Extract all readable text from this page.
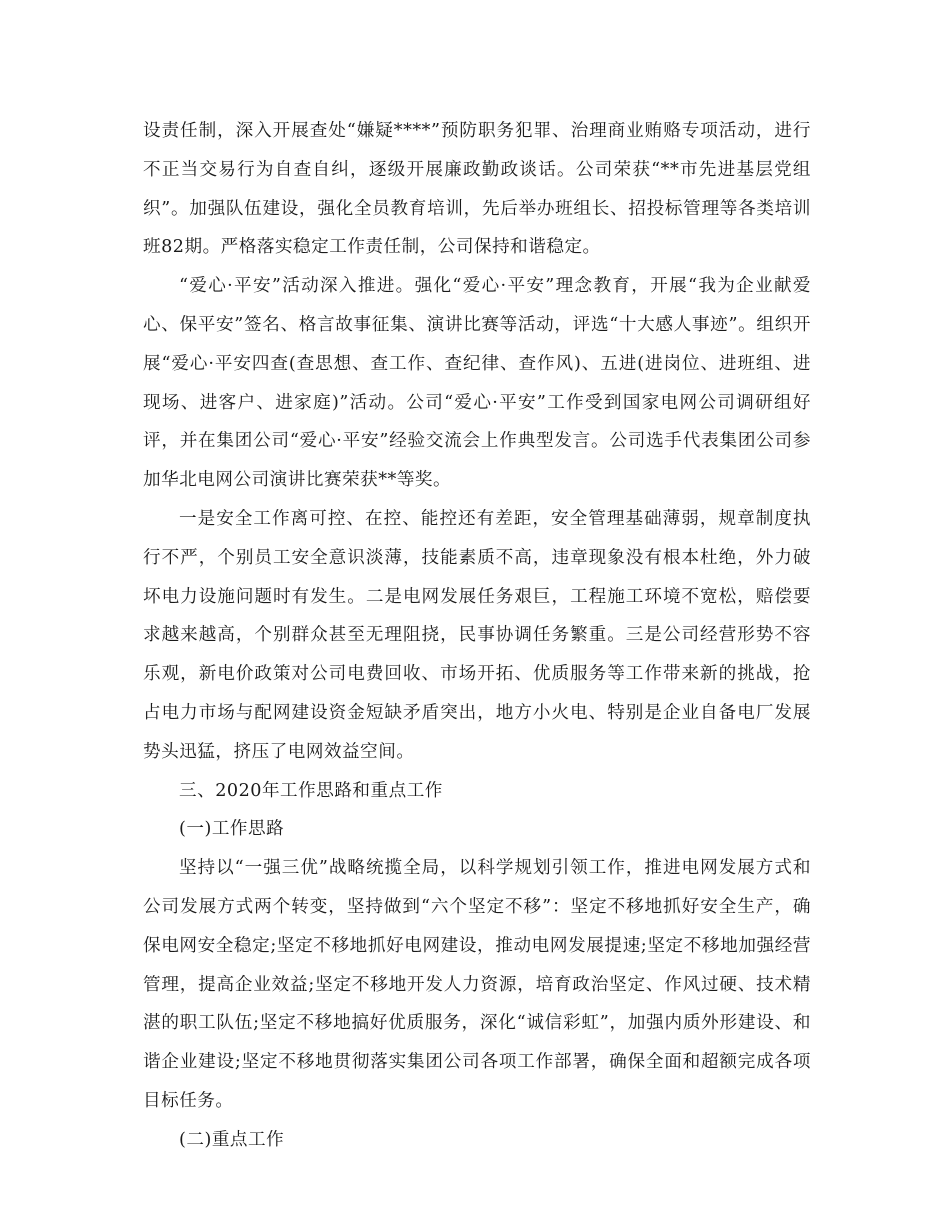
设责任制，深入开展查处“嫌疑****”预防职务犯罪、治理商业贿赂专项活动，进行不正当交易行为自查自纠，逐级开展廉政勤政谈话。公司荣获“**市先进基层党组织”。加强队伍建设，强化全员教育培训，先后举办班组长、招投标管理等各类培训班82期。严格落实稳定工作责任制，公司保持和谐稳定。

“爱心·平安”活动深入推进。强化“爱心·平安”理念教育，开展“我为企业献爱心、保平安”签名、格言故事征集、演讲比赛等活动，评选“十大感人事迹”。组织开展“爱心·平安四查(查思想、查工作、查纪律、查作风)、五进(进岗位、进班组、进现场、进客户、进家庭)”活动。公司“爱心·平安”工作受到国家电网公司调研组好评，并在集团公司“爱心·平安”经验交流会上作典型发言。公司选手代表集团公司参加华北电网公司演讲比赛荣获**等奖。

一是安全工作离可控、在控、能控还有差距，安全管理基础薄弱，规章制度执行不严，个别员工安全意识淡薄，技能素质不高，违章现象没有根本杜绝，外力破坏电力设施问题时有发生。二是电网发展任务艰巨，工程施工环境不宽松，赔偿要求越来越高，个别群众甚至无理阻挠，民事协调任务繁重。三是公司经营形势不容乐观，新电价政策对公司电费回收、市场开拓、优质服务等工作带来新的挑战，抢占电力市场与配网建设资金短缺矛盾突出，地方小火电、特别是企业自备电厂发展势头迅猛，挤压了电网效益空间。

三、2020年工作思路和重点工作

(一)工作思路

坚持以“一强三优”战略统揽全局，以科学规划引领工作，推进电网发展方式和公司发展方式两个转变，坚持做到“六个坚定不移”：坚定不移地抓好安全生产，确保电网安全稳定;坚定不移地抓好电网建设，推动电网发展提速;坚定不移地加强经营管理，提高企业效益;坚定不移地开发人力资源，培育政治坚定、作风过硬、技术精湛的职工队伍;坚定不移地搞好优质服务，深化“诚信彩虹”，加强内质外形建设、和谐企业建设;坚定不移地贯彻落实集团公司各项工作部署，确保全面和超额完成各项目标任务。

(二)重点工作
